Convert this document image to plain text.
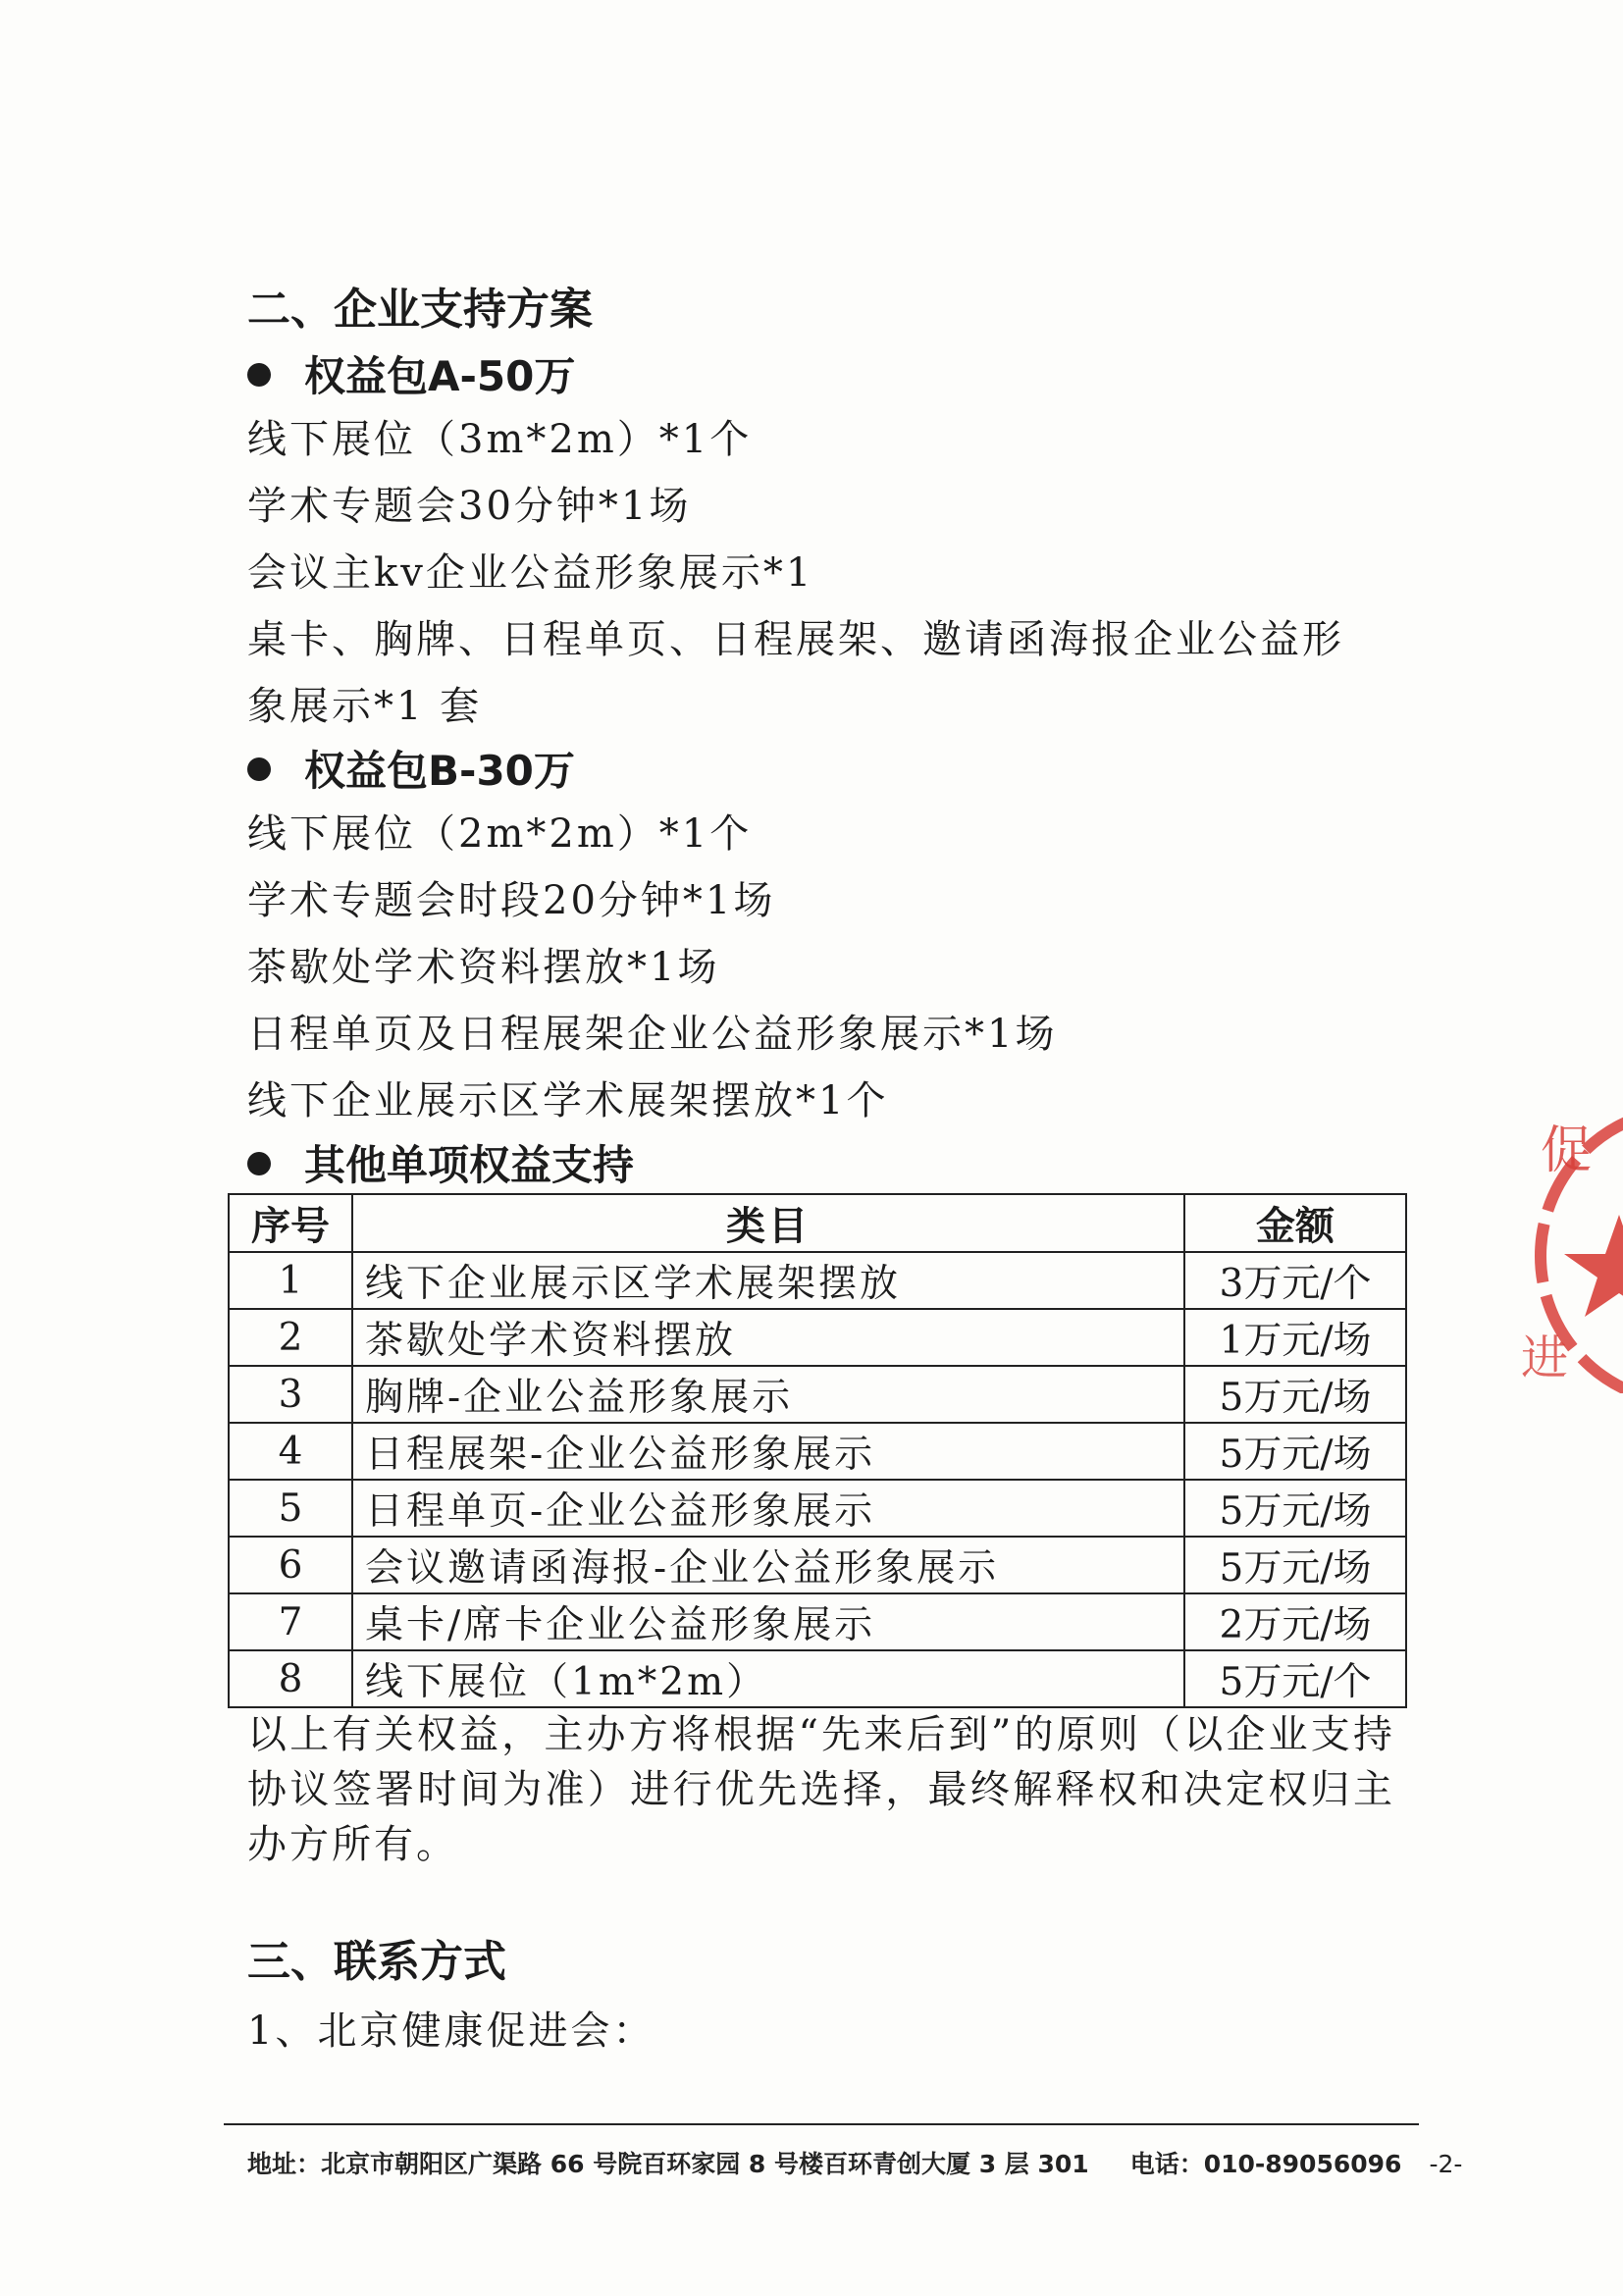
二、企业支持方案
权益包A-50万

线下展位（3m*2m）*1个

学术专题会30分钟*1场

会议主kv企业公益形象展示*1

桌卡、胸牌、日程单页、日程展架、邀请函海报企业公益形

象展示*1 套

权益包B-30万

线下展位（2m*2m）*1个

学术专题会时段20分钟*1场

茶歇处学术资料摆放*1场

日程单页及日程展架企业公益形象展示*1场

线下企业展示区学术展架摆放*1个

其他单项权益支持
序号	类目	金额
1	线下企业展示区学术展架摆放	3万元/个
2	茶歇处学术资料摆放	1万元/场
3	胸牌-企业公益形象展示	5万元/场
4	日程展架-企业公益形象展示	5万元/场
5	日程单页-企业公益形象展示	5万元/场
6	会议邀请函海报-企业公益形象展示	5万元/场
7	桌卡/席卡企业公益形象展示	2万元/场
8	线下展位（1m*2m）	5万元/个

以上有关权益，主办方将根据“先来后到”的原则（以企业支持协议签署时间为准）进行优先选择，最终解释权和决定权归主办方所有。

三、联系方式

1、北京健康促进会：

地址：北京市朝阳区广渠路 66 号院百环家园 8 号楼百环青创大厦 3 层 301 电话：010-89056096 -2-
促
进
